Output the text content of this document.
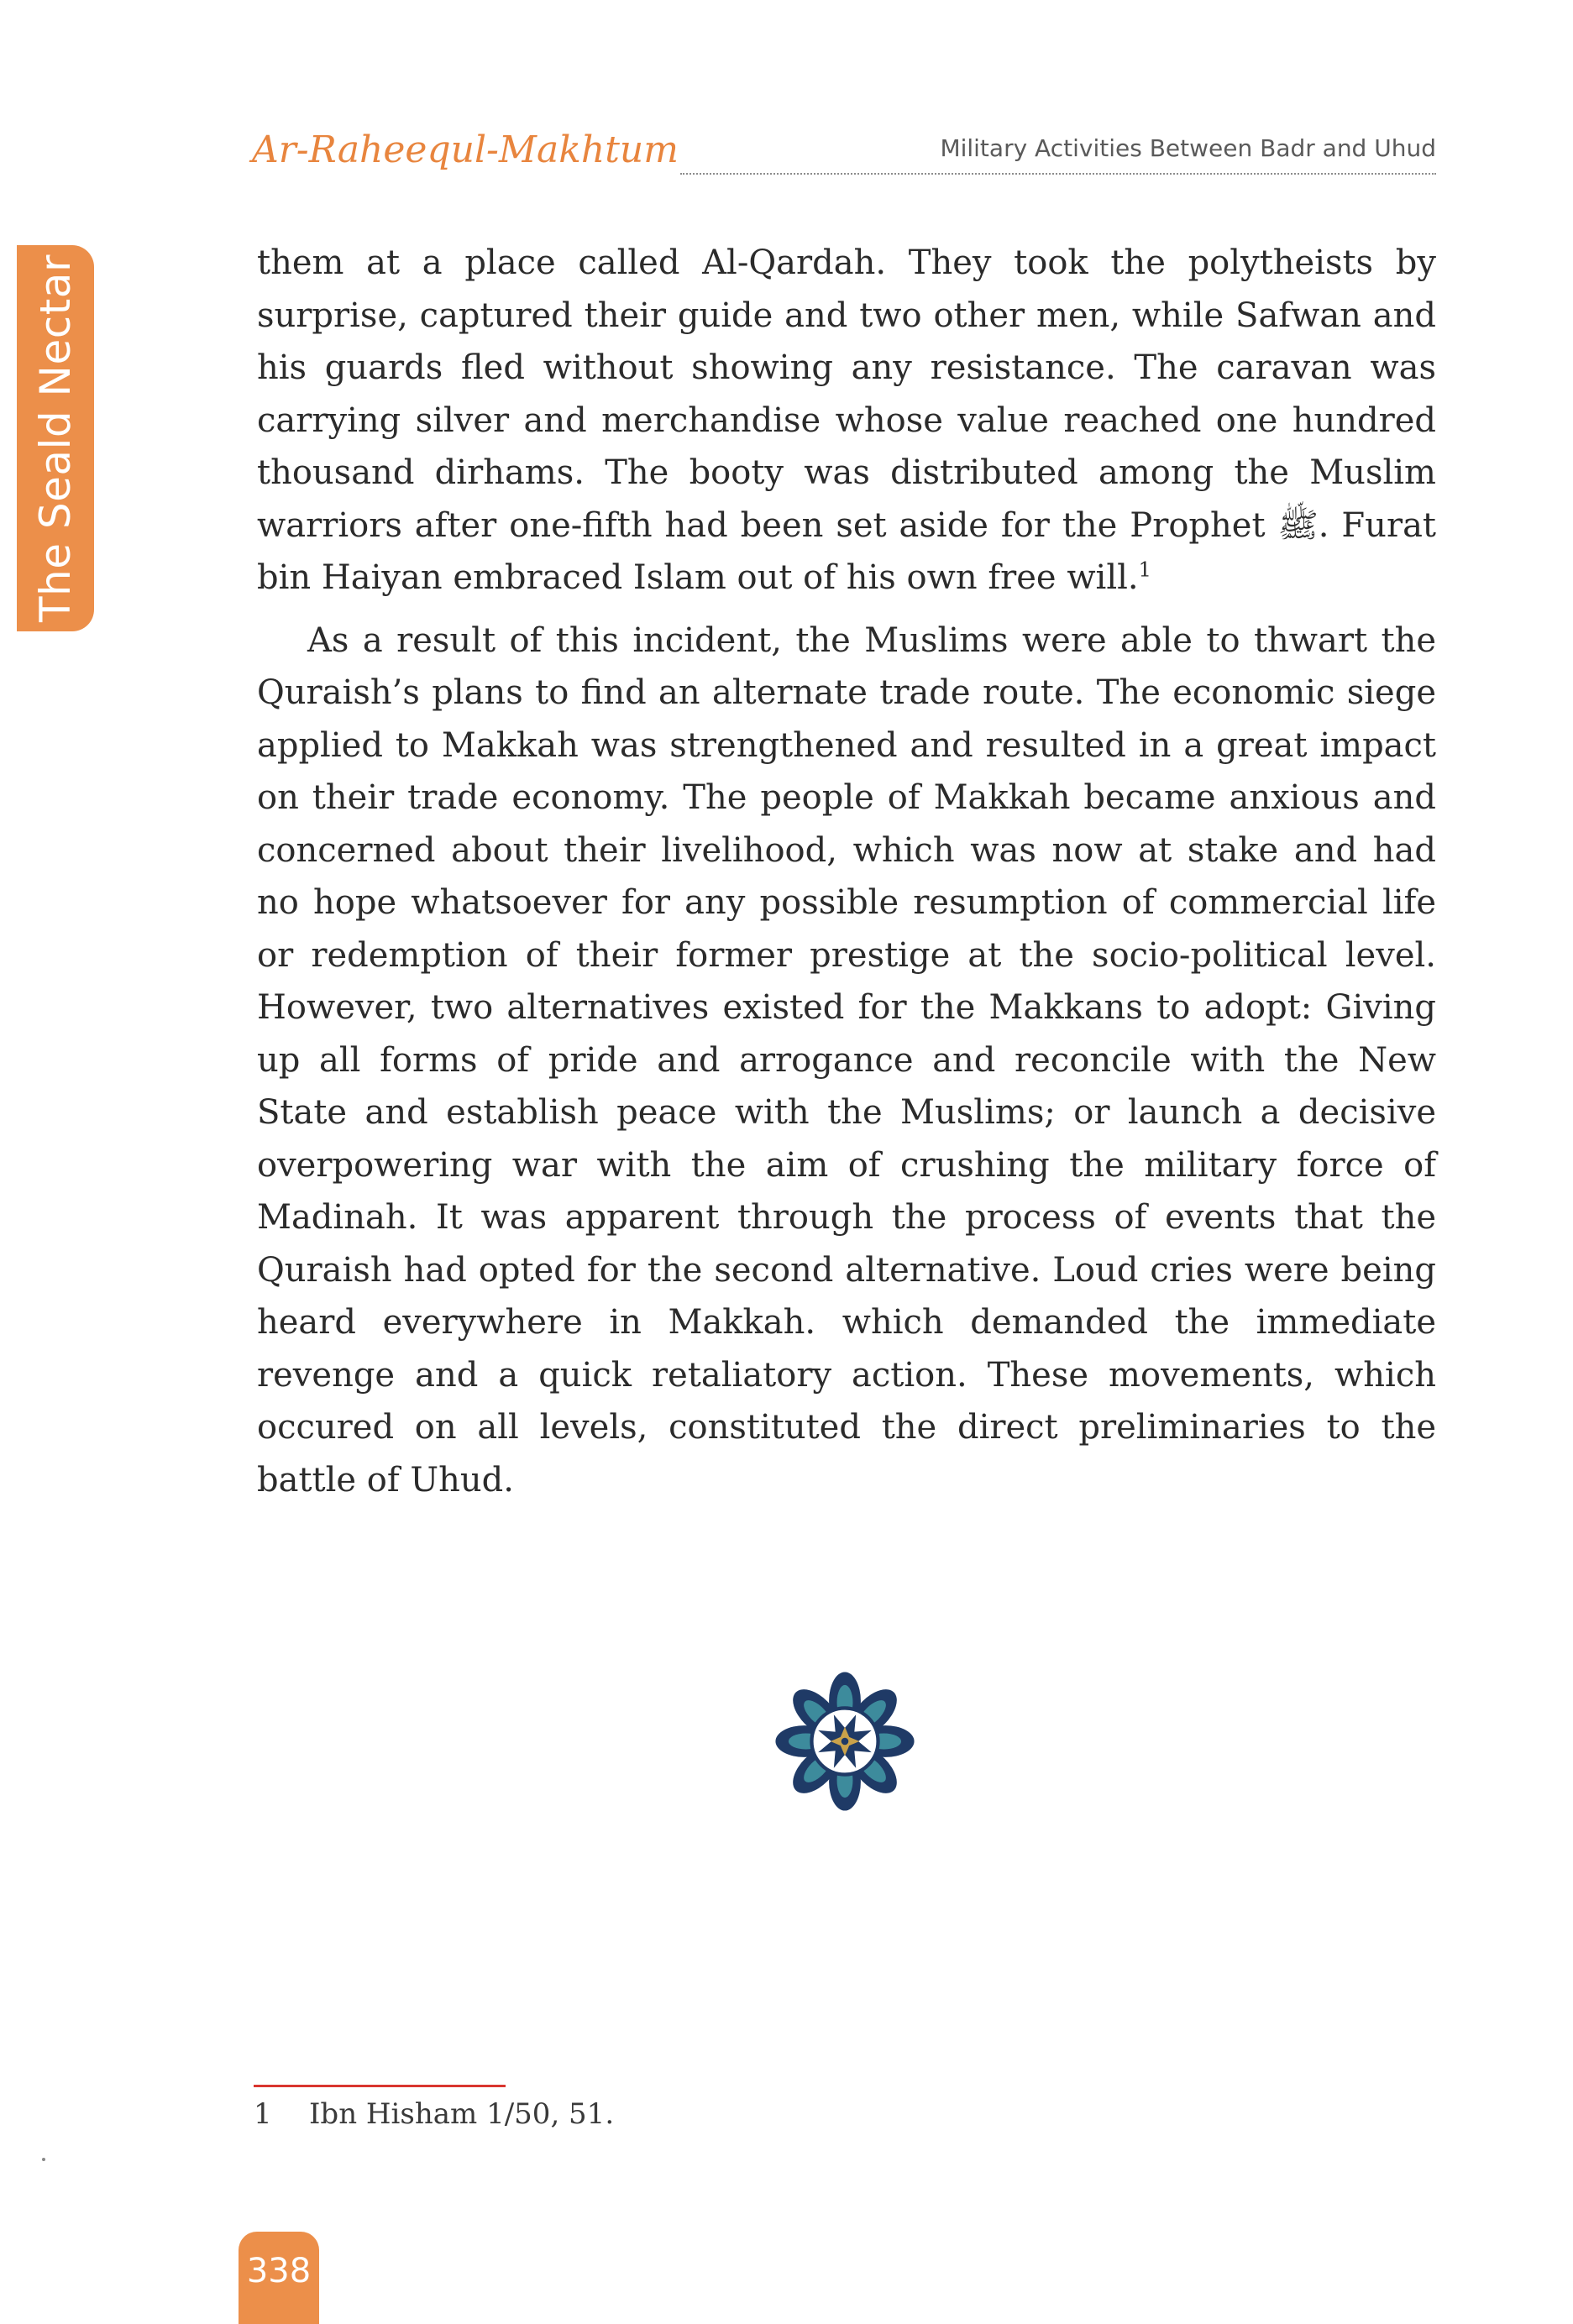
The Seald Nectar
Ar-Raheequl-Makhtum	Military Activities Between Badr and Uhud

them at a place called Al-Qardah. They took the polytheists by surprise, captured their guide and two other men, while Safwan and his guards fled without showing any resistance. The caravan was carrying silver and merchandise whose value reached one hundred thousand dirhams. The booty was distributed among the Muslim warriors after one-fifth had been set aside for the Prophet ﷺ. Furat bin Haiyan embraced Islam out of his own free will.$^1$

As a result of this incident, the Muslims were able to thwart the Quraish’s plans to find an alternate trade route. The economic siege applied to Makkah was strengthened and resulted in a great impact on their trade economy. The people of Makkah became anxious and concerned about their livelihood, which was now at stake and had no hope whatsoever for any possible resumption of commercial life or redemption of their former prestige at the socio-political level. However, two alternatives existed for the Makkans to adopt: Giving up all forms of pride and arrogance and reconcile with the New State and establish peace with the Muslims; or launch a decisive overpowering war with the aim of crushing the military force of Madinah. It was apparent through the process of events that the Quraish had opted for the second alternative. Loud cries were being heard everywhere in Makkah. which demanded the immediate revenge and a quick retaliatory action. These movements, which occured on all levels, constituted the direct preliminaries to the battle of Uhud.

1 Ibn Hisham 1/50, 51.
338
